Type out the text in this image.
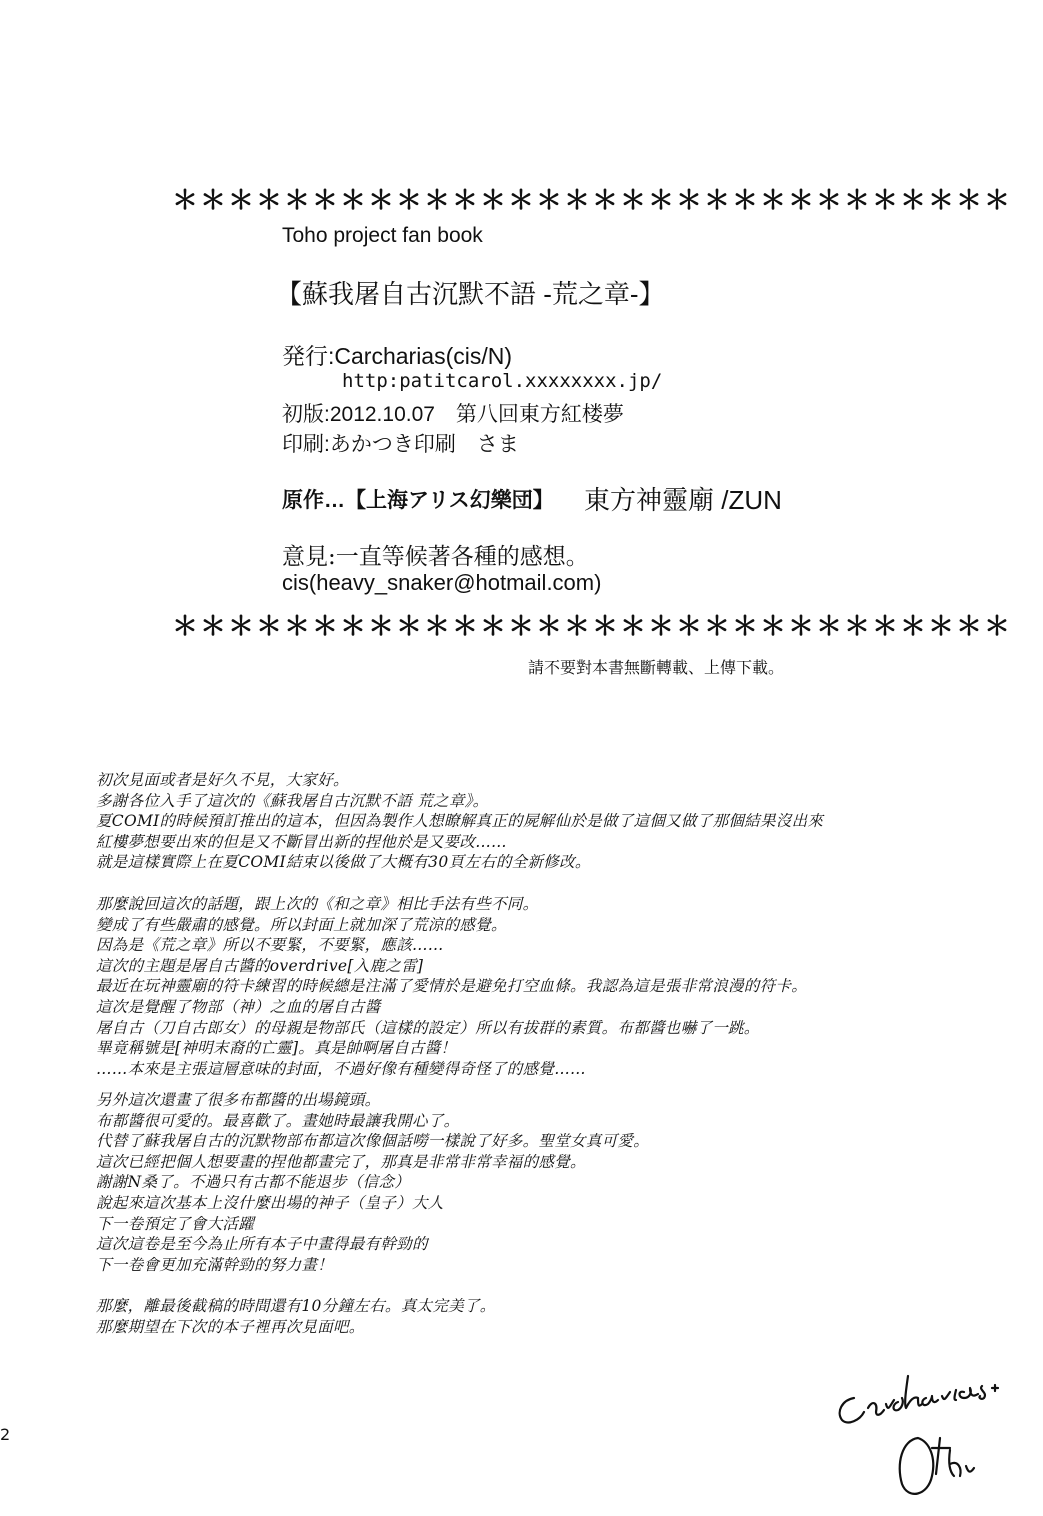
＊＊＊＊＊＊＊＊＊＊＊＊＊＊＊＊＊＊＊＊＊＊＊＊＊＊＊＊＊＊
Toho project fan book
【蘇我屠自古沉默不語 -荒之章-】
発行:Carcharias(cis/N)
http:patitcarol.xxxxxxxx.jp/
初版:2012.10.07　第八回東方紅楼夢
印刷:あかつき印刷　さま
原作…【上海アリス幻樂団】 東方神靈廟 /ZUN
意見:一直等候著各種的感想。
cis(heavy_snaker@hotmail.com)
＊＊＊＊＊＊＊＊＊＊＊＊＊＊＊＊＊＊＊＊＊＊＊＊＊＊＊＊＊＊
請不要對本書無斷轉載、上傳下載。

初次見面或者是好久不見，大家好。

多謝各位入手了這次的《蘇我屠自古沉默不語 荒之章》。

夏COMI的時候預訂推出的這本，但因為製作人想瞭解真正的屍解仙於是做了這個又做了那個結果沒出來

紅樓夢想要出來的但是又不斷冒出新的捏他於是又要改……

就是這樣實際上在夏COMI結束以後做了大概有30頁左右的全新修改。

那麼說回這次的話題，跟上次的《和之章》相比手法有些不同。

變成了有些嚴肅的感覺。所以封面上就加深了荒涼的感覺。

因為是《荒之章》所以不要緊，不要緊，應該……

這次的主題是屠自古醬的overdrive[入鹿之雷]

最近在玩神靈廟的符卡練習的時候總是注滿了愛情於是避免打空血條。我認為這是張非常浪漫的符卡。

這次是覺醒了物部（神）之血的屠自古醬

屠自古（刀自古郎女）的母親是物部氏（這樣的設定）所以有拔群的素質。布都醬也嚇了一跳。

畢竟稱號是[神明末裔的亡靈]。真是帥啊屠自古醬！

……本來是主張這層意味的封面，不過好像有種變得奇怪了的感覺……

另外這次還畫了很多布都醬的出場鏡頭。

布都醬很可愛的。最喜歡了。畫她時最讓我開心了。

代替了蘇我屠自古的沉默物部布都這次像個話嘮一樣說了好多。聖堂女真可愛。

這次已經把個人想要畫的捏他都畫完了，那真是非常非常幸福的感覺。

謝謝N桑了。不過只有古都不能退步（信念）

說起來這次基本上沒什麼出場的神子（皇子）大人

下一卷預定了會大活躍

這次這卷是至今為止所有本子中畫得最有幹勁的

下一卷會更加充滿幹勁的努力畫！

那麼，離最後截稿的時間還有10分鐘左右。真太完美了。

那麼期望在下次的本子裡再次見面吧。

2
